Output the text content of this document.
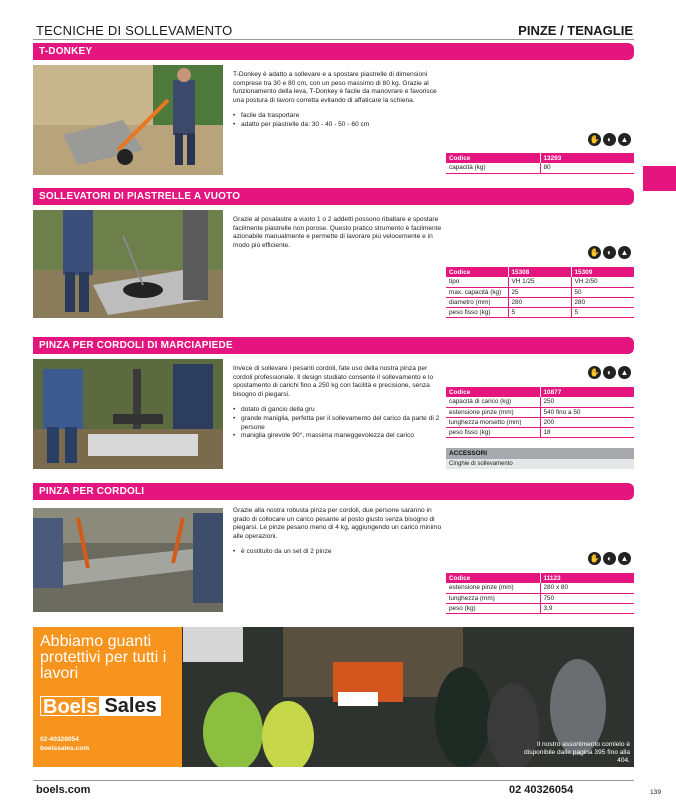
TECNICHE DI SOLLEVAMENTO	PINZE / TENAGLIE
T-DONKEY
T-Donkey è adatto a sollevare e a spostare piastrelle di dimensioni comprese tra 30 e 80 cm, con un peso massimo di 80 kg. Grazie al funzionamento della leva, T-Donkey è facile da manovrare e favorisce una postura di lavoro corretta evitando di affaticare la schiena.
• facile da trasportare
• adatto per piastrelle da: 30 - 40 - 50 - 60 cm
✋ ◐	▲
Codice	13293
capacità (kg)	80
SOLLEVATORI DI PIASTRELLE A VUOTO
Grazie al posalastre a vuoto 1 o 2 addetti possono ribaltare e spostare facilmente piastrelle non porose. Questo pratico strumento è facilmente azionabile manualmente e permette di lavorare più velocemente e in modo più efficiente.
✋ ◐	▲
Codice	15308	15309
tipo	VH 1/25	VH 2/50
max. capacità (kg)	25	50
diametro (mm)	280	280
peso fisso (kg)	5	5
PINZA PER CORDOLI DI MARCIAPIEDE
Invece di sollevare i pesanti cordoli, fate uso della nostra pinza per cordoli professionale. Il design studiato consente il sollevamento e lo spostamento di carichi fino a 250 kg con facilità e precisione, senza bisogno di piegarsi.
• dotato di gancio della gru
• grande maniglia, perfetta per il sollevamento del carico da parte di 2 persone
• maniglia girevole 90°, massima maneggevolezza del carico
✋ ◐	▲
Codice	10877
capacità di carico (kg)	250
estensione pinze (mm)	540 fino a 50
lunghezza morsetto (mm)	200
peso fisso (kg)	18
ACCESSORI
Cinghie di sollevamento
PINZA PER CORDOLI
Grazie alla nostra robusta pinza per cordoli, due persone saranno in grado di collocare un carico pesante al posto giusto senza bisogno di piegarsi. Le pinze pesano meno di 4 kg, aggiungendo un carico minimo alle operazioni.
• è costituito da un set di 2 pinze
✋ ◐	▲
Codice	11123
estensione pinze (mm)	280 x 80
lunghezza (mm)	750
peso (kg)	3,9
Abbiamo guanti protettivi per tutti i lavori
Boels Sales
02-40326054
boelssales.com
Il nostro assortimento comlelo è disponibile dalle pagina 395 fino alla 404.
boels.com	02 40326054	139
